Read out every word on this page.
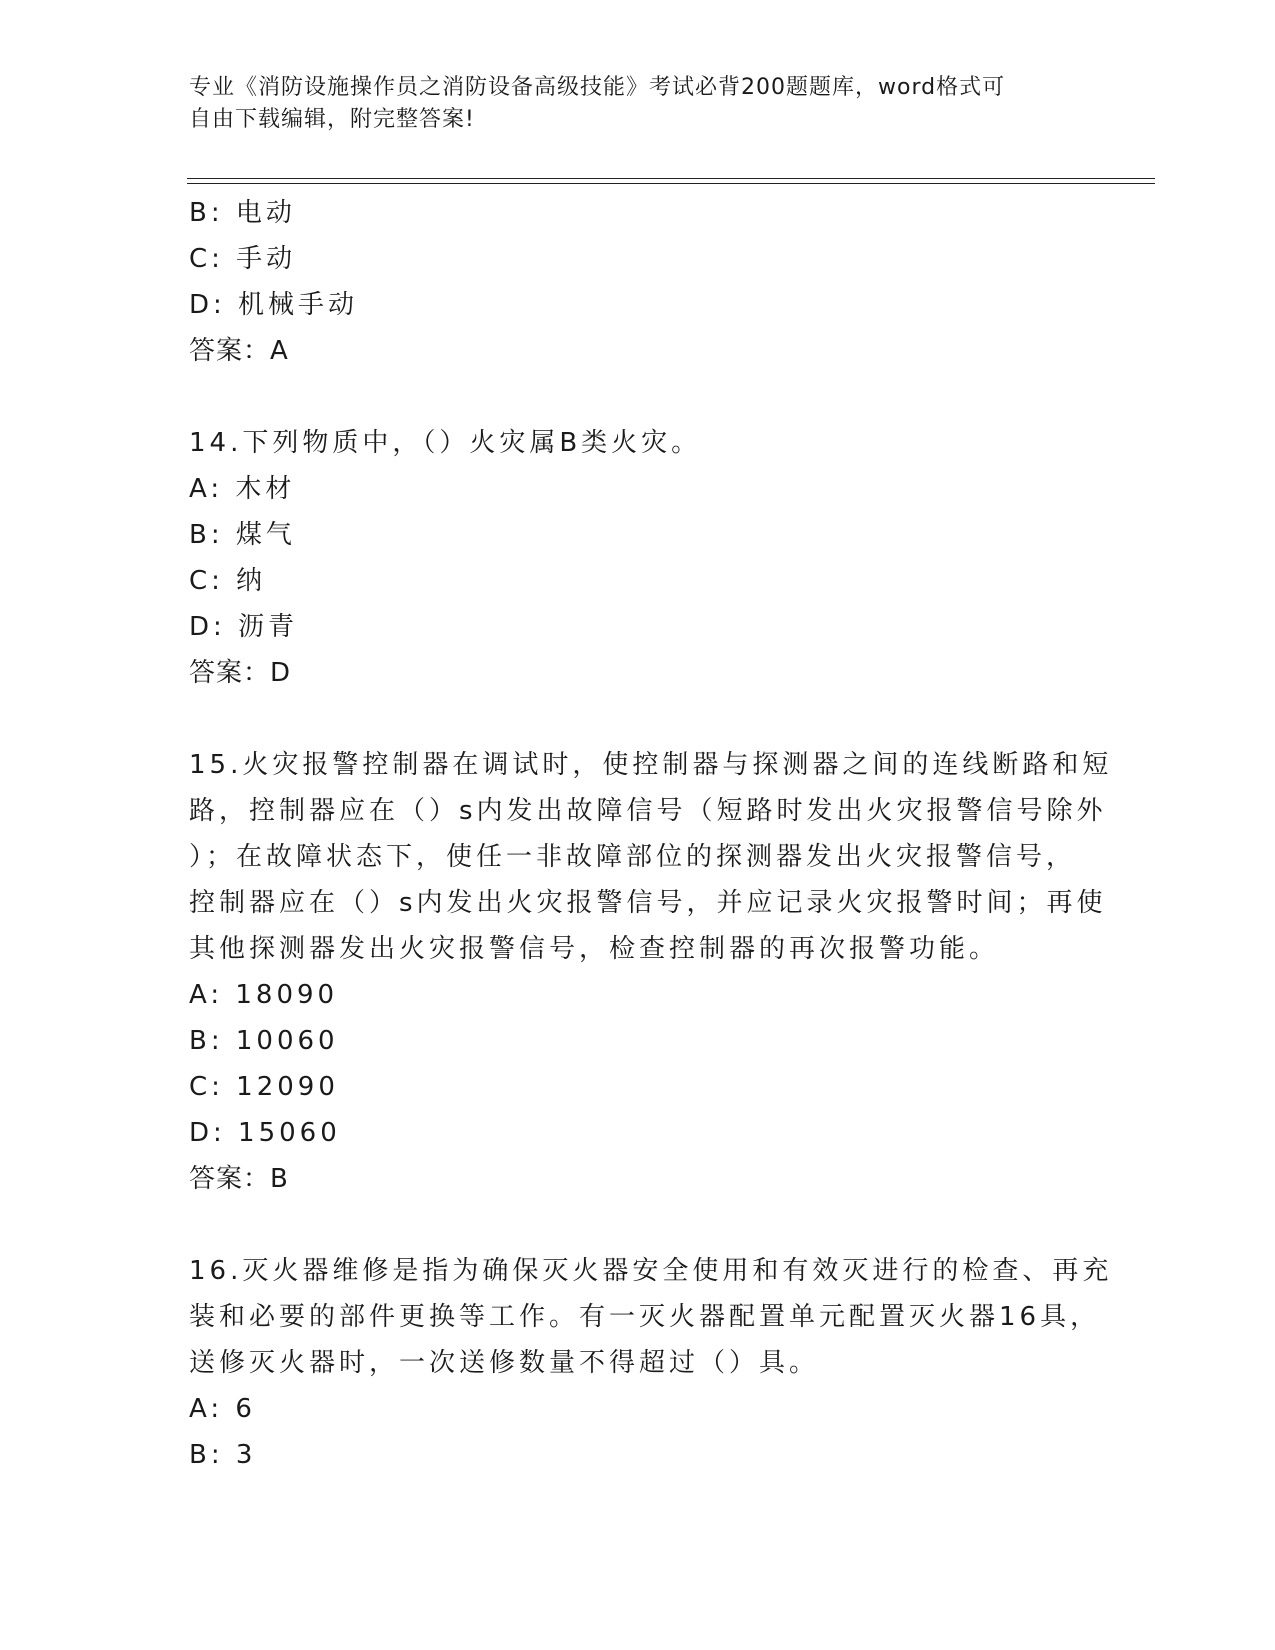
专业《消防设施操作员之消防设备高级技能》考试必背200题题库，word格式可
自由下载编辑，附完整答案!
B: 电动
C: 手动
D: 机械手动
答案：A
14.下列物质中，（）火灾属B类火灾。
A: 木材
B: 煤气
C: 纳
D: 沥青
答案：D
15.火灾报警控制器在调试时，使控制器与探测器之间的连线断路和短
路，控制器应在（）s内发出故障信号（短路时发出火灾报警信号除外
）；在故障状态下，使任一非故障部位的探测器发出火灾报警信号，
控制器应在（）s内发出火灾报警信号，并应记录火灾报警时间；再使
其他探测器发出火灾报警信号，检查控制器的再次报警功能。
A: 18090
B: 10060
C: 12090
D: 15060
答案：B
16.灭火器维修是指为确保灭火器安全使用和有效灭进行的检查、再充
装和必要的部件更换等工作。有一灭火器配置单元配置灭火器16具，
送修灭火器时，一次送修数量不得超过（）具。
A: 6
B: 3
